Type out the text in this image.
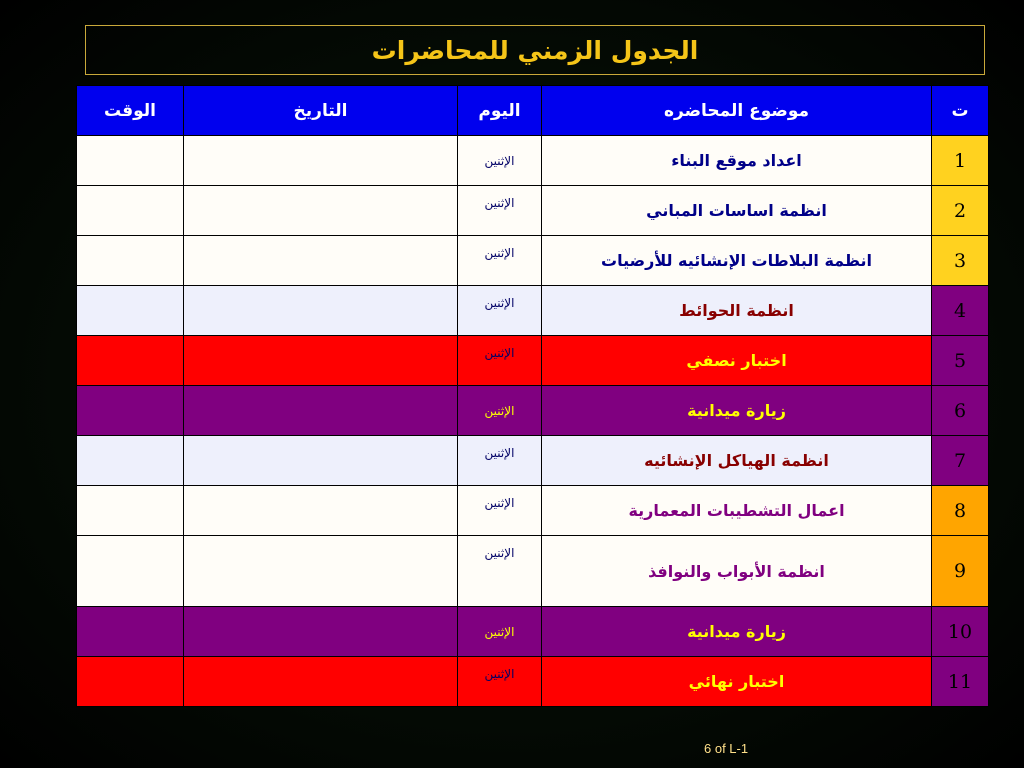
الجدول الزمني للمحاضرات
الوقت	التاريخ	اليوم	موضوع المحاضره	ت
		الإثنين	اعداد موقع البناء	1
		الإثنين	انظمة اساسات المباني	2
		الإثنين	انظمة البلاطات الإنشائيه للأرضيات	3
		الإثنين	انظمة الحوائط	4
		الإثنين	اختبار نصفي	5
		الإثنين	زيارة ميدانية	6
		الإثنين	انظمة الهياكل الإنشائيه	7
		الإثنين	اعمال التشطيبات المعمارية	8
		الإثنين	انظمة الأبواب والنوافذ	9
		الإثنين	زيارة ميدانية	10
		الإثنين	اختبار نهائي	11
6 of L-1
